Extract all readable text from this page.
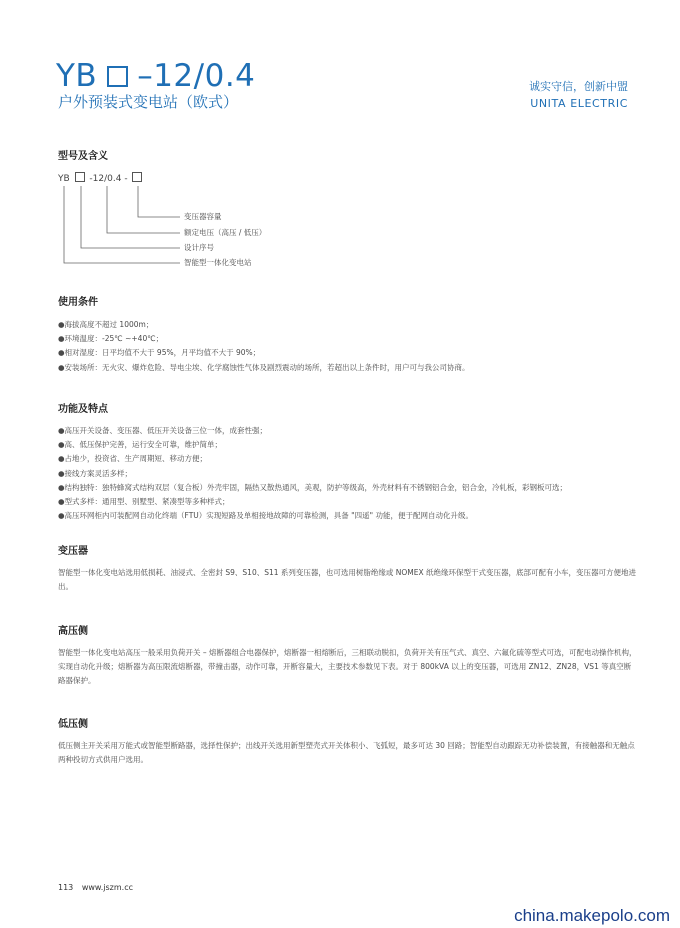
YB –12/0.4
户外预装式变电站（欧式）
诚实守信，创新中盟
UNITA ELECTRIC
型号及含义
YB -12/0.4 -
变压器容量
额定电压（高压 / 低压）
设计序号
智能型一体化变电站
使用条件
●海拔高度不超过 1000m；
●环境温度：-25℃ ~+40℃；
●相对湿度：日平均值不大于 95%，月平均值不大于 90%；
●安装场所：无火灾、爆炸危险、导电尘埃、化学腐蚀性气体及剧烈震动的场所，若超出以上条件时，用户可与我公司协商。
功能及特点
●高压开关设备、变压器、低压开关设备三位一体，成套性强；
●高、低压保护完善，运行安全可靠，维护简单；
●占地少，投资省、生产周期短、移动方便；
●接线方案灵活多样；
●结构独特：独特蜂窝式结构双层（复合板）外壳牢固，隔热又散热通风，美观，防护等级高，外壳材料有不锈钢铝合金，铝合金，冷轧板，彩钢板可选；
●型式多样：通用型、别墅型、紧凑型等多种样式；
●高压环网柜内可装配网自动化终端（FTU）实现短路及单相接地故障的可靠检测，具备 "四遥" 功能，便于配网自动化升级。
变压器
智能型一体化变电站选用低损耗、油浸式、全密封 S9、S10、S11 系列变压器，也可选用树脂绝缘或 NOMEX 纸绝缘环保型干式变压器，底部可配有小车，变压器可方便地进出。
高压侧
智能型一体化变电站高压一般采用负荷开关 – 熔断器组合电器保护，熔断器一相熔断后，三相联动脱扣，负荷开关有压气式、真空、六氟化硫等型式可选，可配电动操作机构，实现自动化升级；熔断器为高压限流熔断器，带撞击器，动作可靠，开断容量大，主要技术参数见下表。对于 800kVA 以上的变压器，可选用 ZN12、ZN28，VS1 等真空断路器保护。
低压侧
低压侧主开关采用万能式或智能型断路器，选择性保护；出线开关选用新型塑壳式开关体积小、飞弧短，最多可达 30 回路；智能型自动跟踪无功补偿装置，有接触器和无触点两种投切方式供用户选用。
113 www.jszm.cc
china.makepolo.com
